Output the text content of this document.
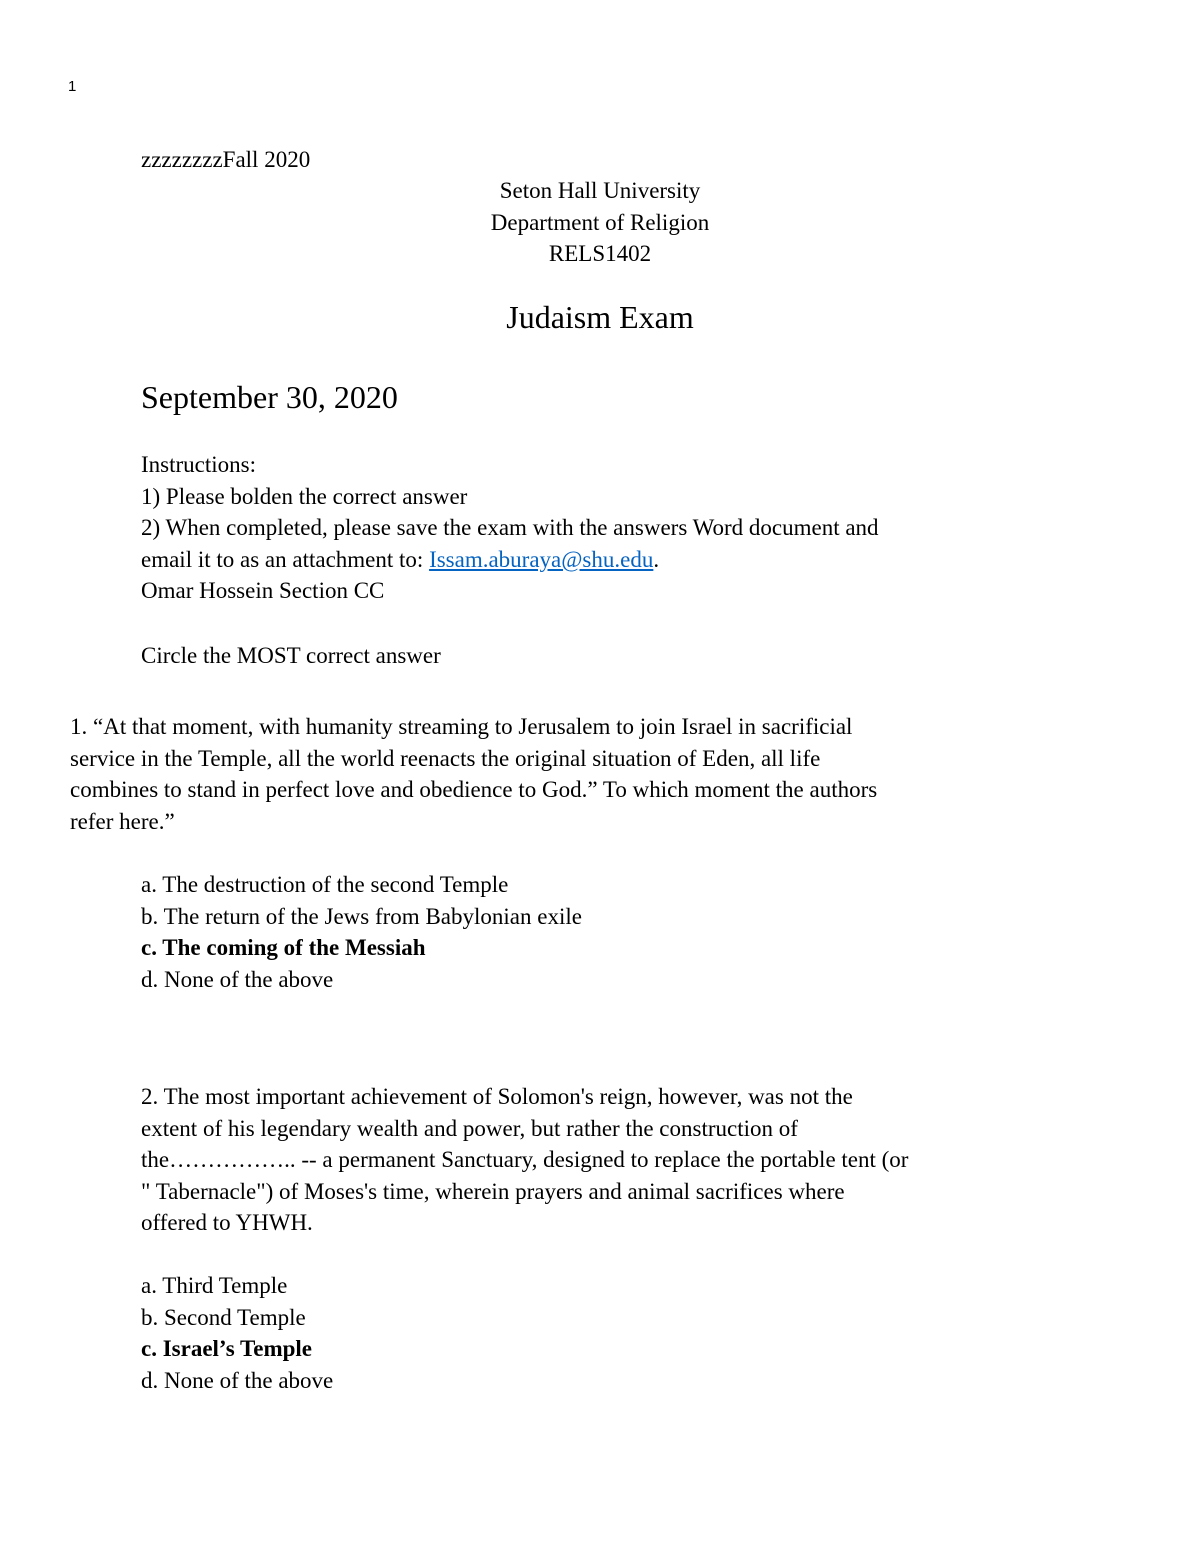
1
zzzzzzzzFall 2020
Seton Hall University
Department of Religion
RELS1402
Judaism Exam
September 30, 2020
Instructions:
1) Please bolden the correct answer
2) When completed, please save the exam with the answers Word document and
email it to as an attachment to: Issam.aburaya@shu.edu.
Omar Hossein Section CC
Circle the MOST correct answer
1. “At that moment, with humanity streaming to Jerusalem to join Israel in sacrificial
service in the Temple, all the world reenacts the original situation of Eden, all life
combines to stand in perfect love and obedience to God.” To which moment the authors
refer here.”
a. The destruction of the second Temple
b. The return of the Jews from Babylonian exile
c. The coming of the Messiah
d. None of the above
2. The most important achievement of Solomon's reign, however, was not the
extent of his legendary wealth and power, but rather the construction of
the…………….. -- a permanent Sanctuary, designed to replace the portable tent (or
" Tabernacle") of Moses's time, wherein prayers and animal sacrifices where
offered to YHWH.
a. Third Temple
b. Second Temple
c. Israel’s Temple
d. None of the above
